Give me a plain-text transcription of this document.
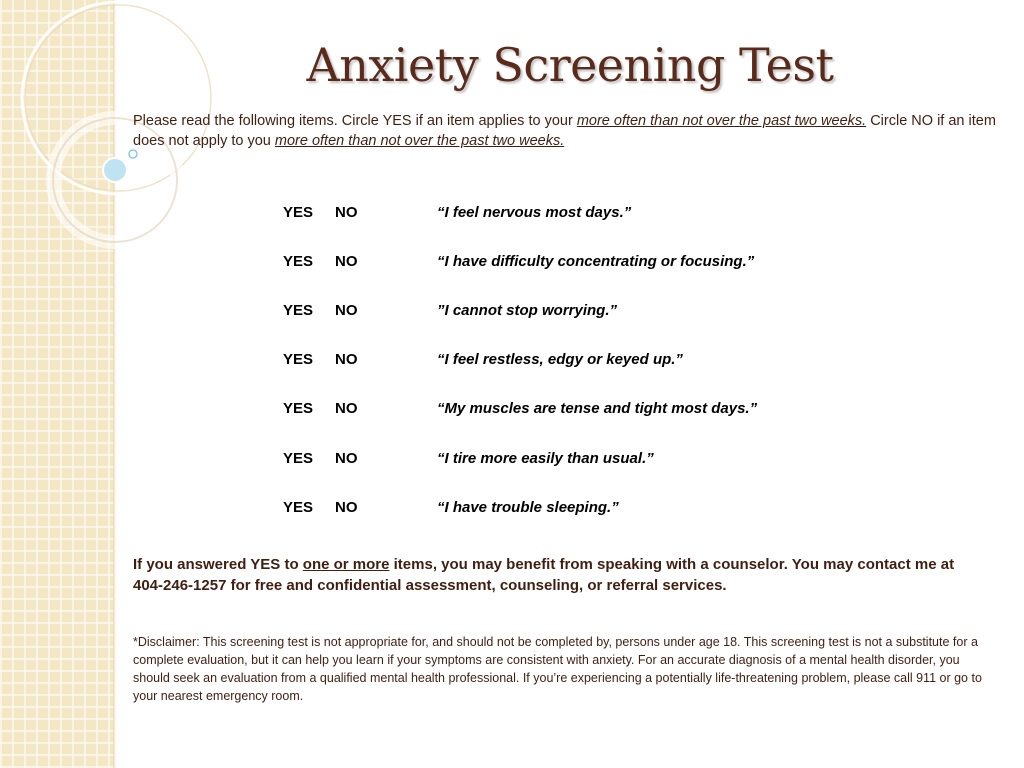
Anxiety Screening Test
Please read the following items. Circle YES if an item applies to your more often than not over the past two weeks. Circle NO if an item does not apply to you more often than not over the past two weeks.
YES NO	“I feel nervous most days.”
YES NO	“I have difficulty concentrating or focusing.”
YES NO	”I cannot stop worrying.”
YES NO	“I feel restless, edgy or keyed up.”
YES NO	“My muscles are tense and tight most days.”
YES NO	“I tire more easily than usual.”
YES NO	“I have trouble sleeping.”
If you answered YES to one or more items, you may benefit from speaking with a counselor. You may contact me at 404-246-1257 for free and confidential assessment, counseling, or referral services.
*Disclaimer: This screening test is not appropriate for, and should not be completed by, persons under age 18. This screening test is not a substitute for a complete evaluation, but it can help you learn if your symptoms are consistent with anxiety. For an accurate diagnosis of a mental health disorder, you should seek an evaluation from a qualified mental health professional. If you’re experiencing a potentially life-threatening problem, please call 911 or go to your nearest emergency room.
